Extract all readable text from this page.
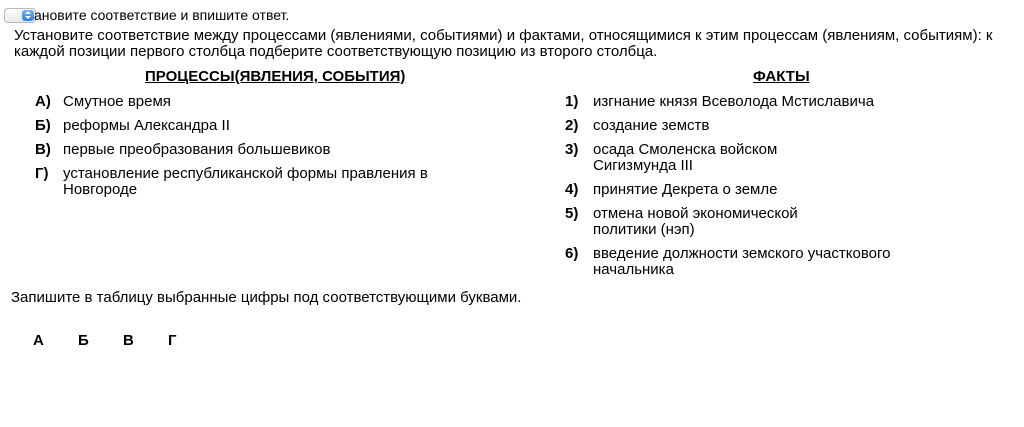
ановите соответствие и впишите ответ.

Установите соответствие между процессами (явлениями, событиями) и фактами, относящимися к этим процессам (явлениям, событиям): к каждой позиции первого столбца подберите соответствующую позицию из второго столбца.

ПРОЦЕССЫ(ЯВЛЕНИЯ, СОБЫТИЯ)	ФАКТЫ
А) Смутное время
Б) реформы Александра II
В) первые преобразования большевиков
Г) установление республиканской формы правления в Новгороде
1) изгнание князя Всеволода Мстиславича
2) создание земств
3) осада Смоленска войском Сигизмунда III
4) принятие Декрета о земле
5) отмена новой экономической политики (нэп)
6) введение должности земского участкового начальника

Запишите в таблицу выбранные цифры под соответствующими буквами.

А	Б	В	Г
